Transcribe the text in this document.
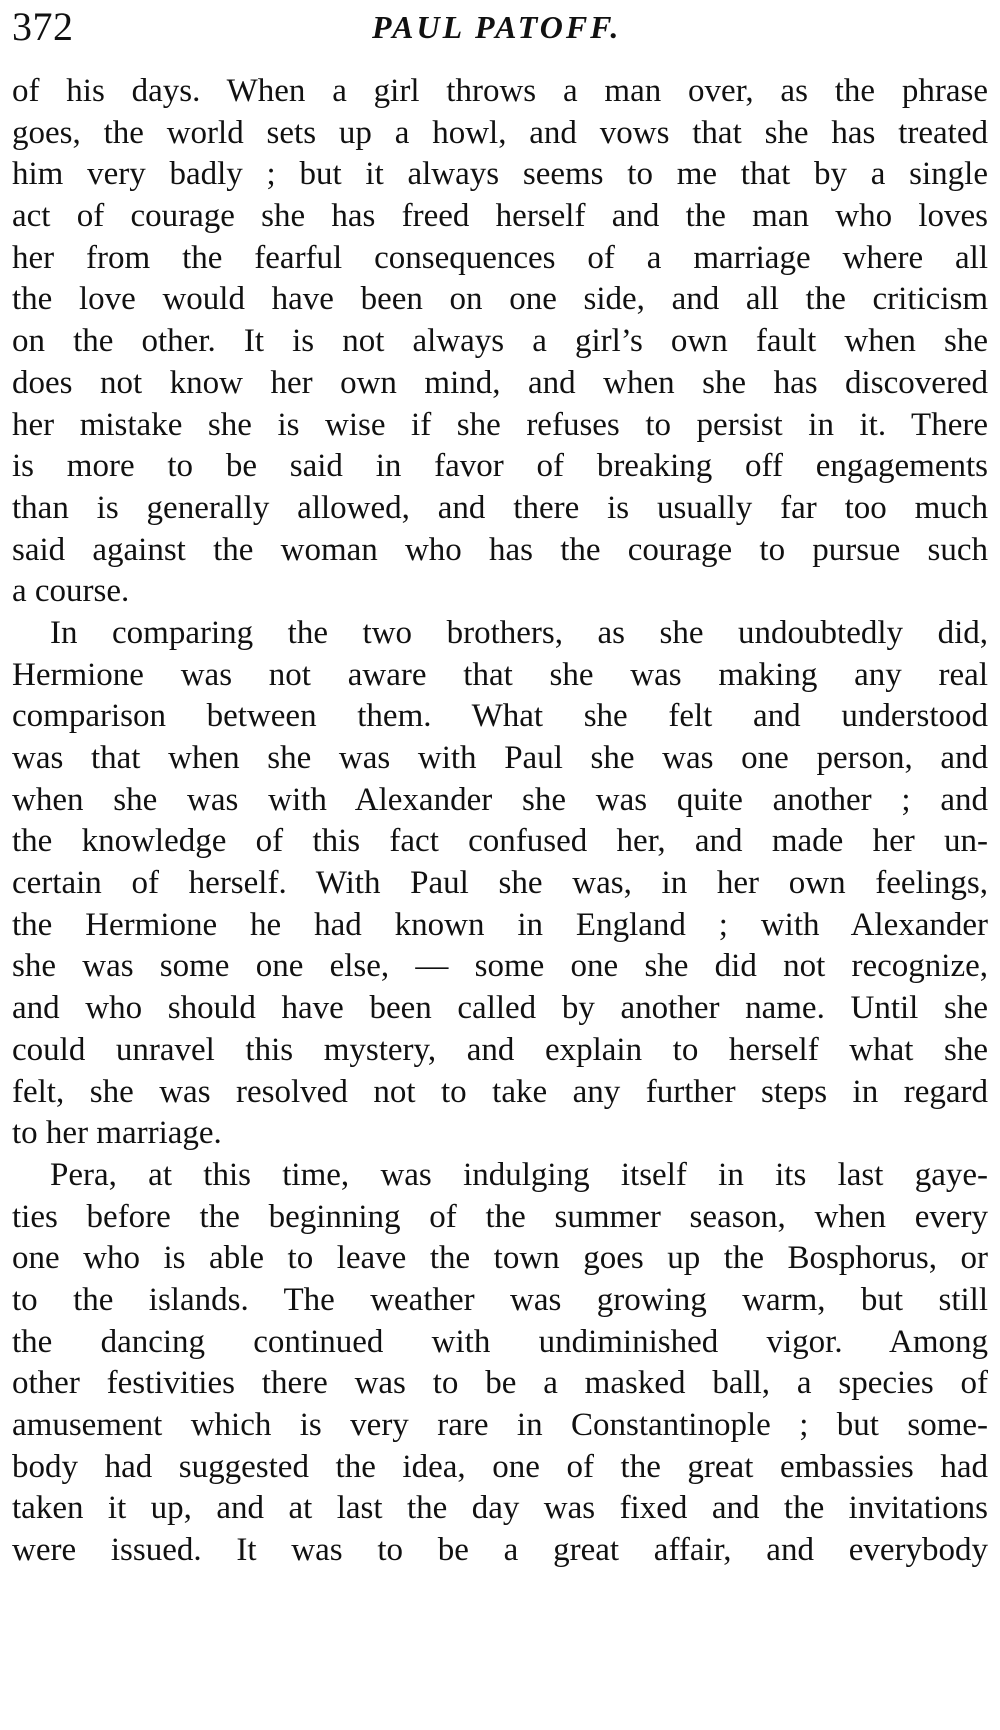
372	PAUL PATOFF.
of his days. When a girl throws a man over, as the phrase
goes, the world sets up a howl, and vows that she has treated
him very badly ; but it always seems to me that by a single
act of courage she has freed herself and the man who loves
her from the fearful consequences of a marriage where all
the love would have been on one side, and all the criticism
on the other. It is not always a girl’s own fault when she
does not know her own mind, and when she has discovered
her mistake she is wise if she refuses to persist in it. There
is more to be said in favor of breaking off engagements
than is generally allowed, and there is usually far too much
said against the woman who has the courage to pursue such
a course.
In comparing the two brothers, as she undoubtedly did,
Hermione was not aware that she was making any real
comparison between them. What she felt and understood
was that when she was with Paul she was one person, and
when she was with Alexander she was quite another ; and
the knowledge of this fact confused her, and made her un-
certain of herself. With Paul she was, in her own feelings,
the Hermione he had known in England ; with Alexander
she was some one else, — some one she did not recognize,
and who should have been called by another name. Until she
could unravel this mystery, and explain to herself what she
felt, she was resolved not to take any further steps in regard
to her marriage.
Pera, at this time, was indulging itself in its last gaye-
ties before the beginning of the summer season, when every
one who is able to leave the town goes up the Bosphorus, or
to the islands. The weather was growing warm, but still
the dancing continued with undiminished vigor. Among
other festivities there was to be a masked ball, a species of
amusement which is very rare in Constantinople ; but some-
body had suggested the idea, one of the great embassies had
taken it up, and at last the day was fixed and the invitations
were issued. It was to be a great affair, and everybody
